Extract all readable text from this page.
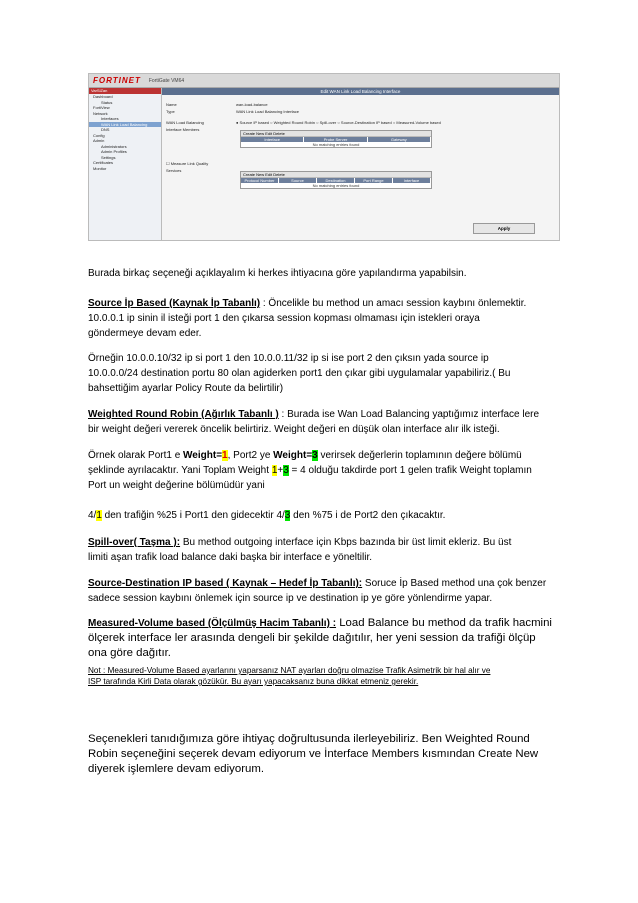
FORTINET FortiGate VM64
VarSiZan
Dashboard
Status
FortiView
Network
Interfaces
WAN Link Load Balancing
DNS
Config
Admin
Administrators
Admin Profiles
Settings
Certificates
Monitor
Edit WAN Link Load Balancing Interface
Name	wan-load-balance
Type	WAN Link Load Balancing Interface
WAN Load Balancing	● Source IP based ○ Weighted Round Robin ○ Spill-over ○ Source-Destination IP based ○ Measured-Volume based
Interface Members
Create New Edit Delete
Interface	Probe Server	Gateway
No matching entries found
☐ Measure Link Quality
Services
Create New Edit Delete
Protocol Number	Source	Destination	Port Range	Interface
No matching entries found
Apply

Burada birkaç seçeneği açıklayalım ki herkes ihtiyacına göre yapılandırma yapabilsin.

Source İp Based (Kaynak İp Tabanlı) : Öncelikle bu method un amacı session kaybını önlemektir.

10.0.0.1 ip sinin il isteği port 1 den çıkarsa session kopması olmaması için istekleri oraya

göndermeye devam eder.

Örneğin 10.0.0.10/32 ip si port 1 den 10.0.0.11/32 ip si ise port 2 den çıksın yada source ip

10.0.0.0/24 destination portu 80 olan agiderken port1 den çıkar gibi uygulamalar yapabiliriz.( Bu

bahsettiğim ayarlar Policy Route da belirtilir)

Weighted Round Robin (Ağırlık Tabanlı ) : Burada ise Wan Load Balancing yaptığımız interface lere

bir weight değeri vererek öncelik belirtiriz. Weight değeri en düşük olan interface alır ilk isteği.

Örnek olarak Port1 e Weight=1, Port2 ye Weight=3 verirsek değerlerin toplamının değere bölümü

şeklinde ayrılacaktır. Yani Toplam Weight 1+3 = 4 olduğu takdirde port 1 gelen trafik Weight toplamın

Port un weight değerine bölümüdür yani

4/1 den trafiğin %25 i Port1 den gidecektir 4/3 den %75 i de Port2 den çıkacaktır.

Spill-over( Taşma ): Bu method outgoing interface için Kbps bazında bir üst limit ekleriz. Bu üst

limiti aşan trafik load balance daki başka bir interface e yöneltilir.

Source-Destination IP based ( Kaynak – Hedef İp Tabanlı): Soruce İp Based method una çok benzer

sadece session kaybını önlemek için source ip ve destination ip ye göre yönlendirme yapar.

Measured-Volume based (Ölçülmüş Hacim Tabanlı) : Load Balance bu method da trafik hacmini

ölçerek interface ler arasında dengeli bir şekilde dağıtılır, her yeni session da trafiği ölçüp

ona göre dağıtır.

Not : Measured-Volume Based ayarlarını yaparsanız NAT ayarları doğru olmazise Trafik Asimetrik bir hal alır ve

ISP tarafında Kirli Data olarak gözükür. Bu ayarı yapacaksanız buna dikkat etmeniz gerekir.

Seçenekleri tanıdığımıza göre ihtiyaç doğrultusunda ilerleyebiliriz. Ben Weighted Round

Robin seçeneğini seçerek devam ediyorum ve İnterface Members kısmından Create New

diyerek işlemlere devam ediyorum.
